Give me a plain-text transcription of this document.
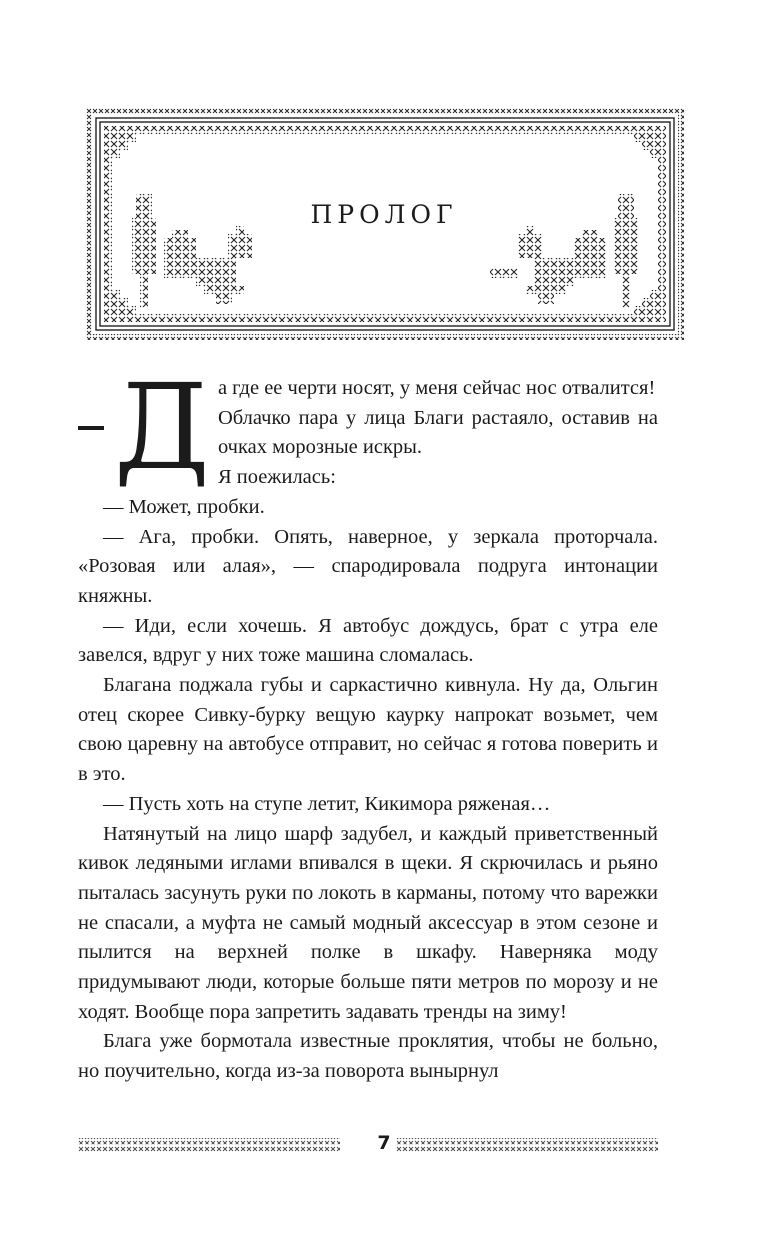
ПРОЛОГ
Д а где ее черти носят, у меня сейчас нос отвалится!

Облачко пара у лица Благи растаяло, оставив на очках морозные искры.

Я поежилась:

— Может, пробки.

— Ага, пробки. Опять, наверное, у зеркала проторчала. «Розовая или алая», — спародировала подруга интонации княжны.

— Иди, если хочешь. Я автобус дождусь, брат с утра еле завелся, вдруг у них тоже машина сломалась.

Благана поджала губы и саркастично кивнула. Ну да, Ольгин отец скорее Сивку-бурку вещую каурку напрокат возьмет, чем свою царевну на автобусе отправит, но сейчас я готова поверить и в это.

— Пусть хоть на ступе летит, Кикимора ряженая…

Натянутый на лицо шарф задубел, и каждый приветственный кивок ледяными иглами впивался в щеки. Я скрючилась и рьяно пыталась засунуть руки по локоть в карманы, потому что варежки не спасали, а муфта не самый модный аксессуар в этом сезоне и пылится на верхней полке в шкафу. Наверняка моду придумывают люди, которые больше пяти метров по морозу и не ходят. Вообще пора запретить задавать тренды на зиму!

Блага уже бормотала известные проклятия, чтобы не больно, но поучительно, когда из-за поворота вынырнул

7
